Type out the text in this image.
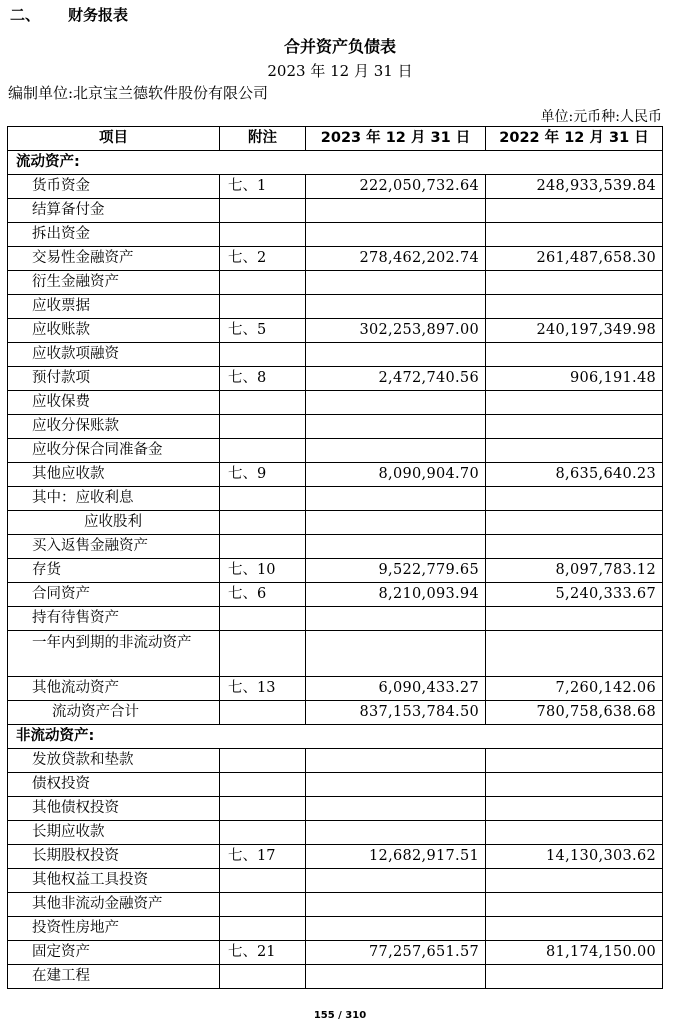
二、 财务报表
合并资产负债表
2023 年 12 月 31 日
编制单位:北京宝兰德软件股份有限公司
单位:元币种:人民币
项目	附注	2023 年 12 月 31 日	2022 年 12 月 31 日
流动资产:			
货币资金	七、1	222,050,732.64	248,933,539.84
结算备付金			
拆出资金			
交易性金融资产	七、2	278,462,202.74	261,487,658.30
衍生金融资产			
应收票据			
应收账款	七、5	302,253,897.00	240,197,349.98
应收款项融资			
预付款项	七、8	2,472,740.56	906,191.48
应收保费			
应收分保账款			
应收分保合同准备金			
其他应收款	七、9	8,090,904.70	8,635,640.23
其中：应收利息			
应收股利			
买入返售金融资产			
存货	七、10	9,522,779.65	8,097,783.12
合同资产	七、6	8,210,093.94	5,240,333.67
持有待售资产			
一年内到期的非流动资产			
其他流动资产	七、13	6,090,433.27	7,260,142.06
流动资产合计		837,153,784.50	780,758,638.68
非流动资产:			
发放贷款和垫款			
债权投资			
其他债权投资			
长期应收款			
长期股权投资	七、17	12,682,917.51	14,130,303.62
其他权益工具投资			
其他非流动金融资产			
投资性房地产			
固定资产	七、21	77,257,651.57	81,174,150.00
在建工程			
155 / 310
